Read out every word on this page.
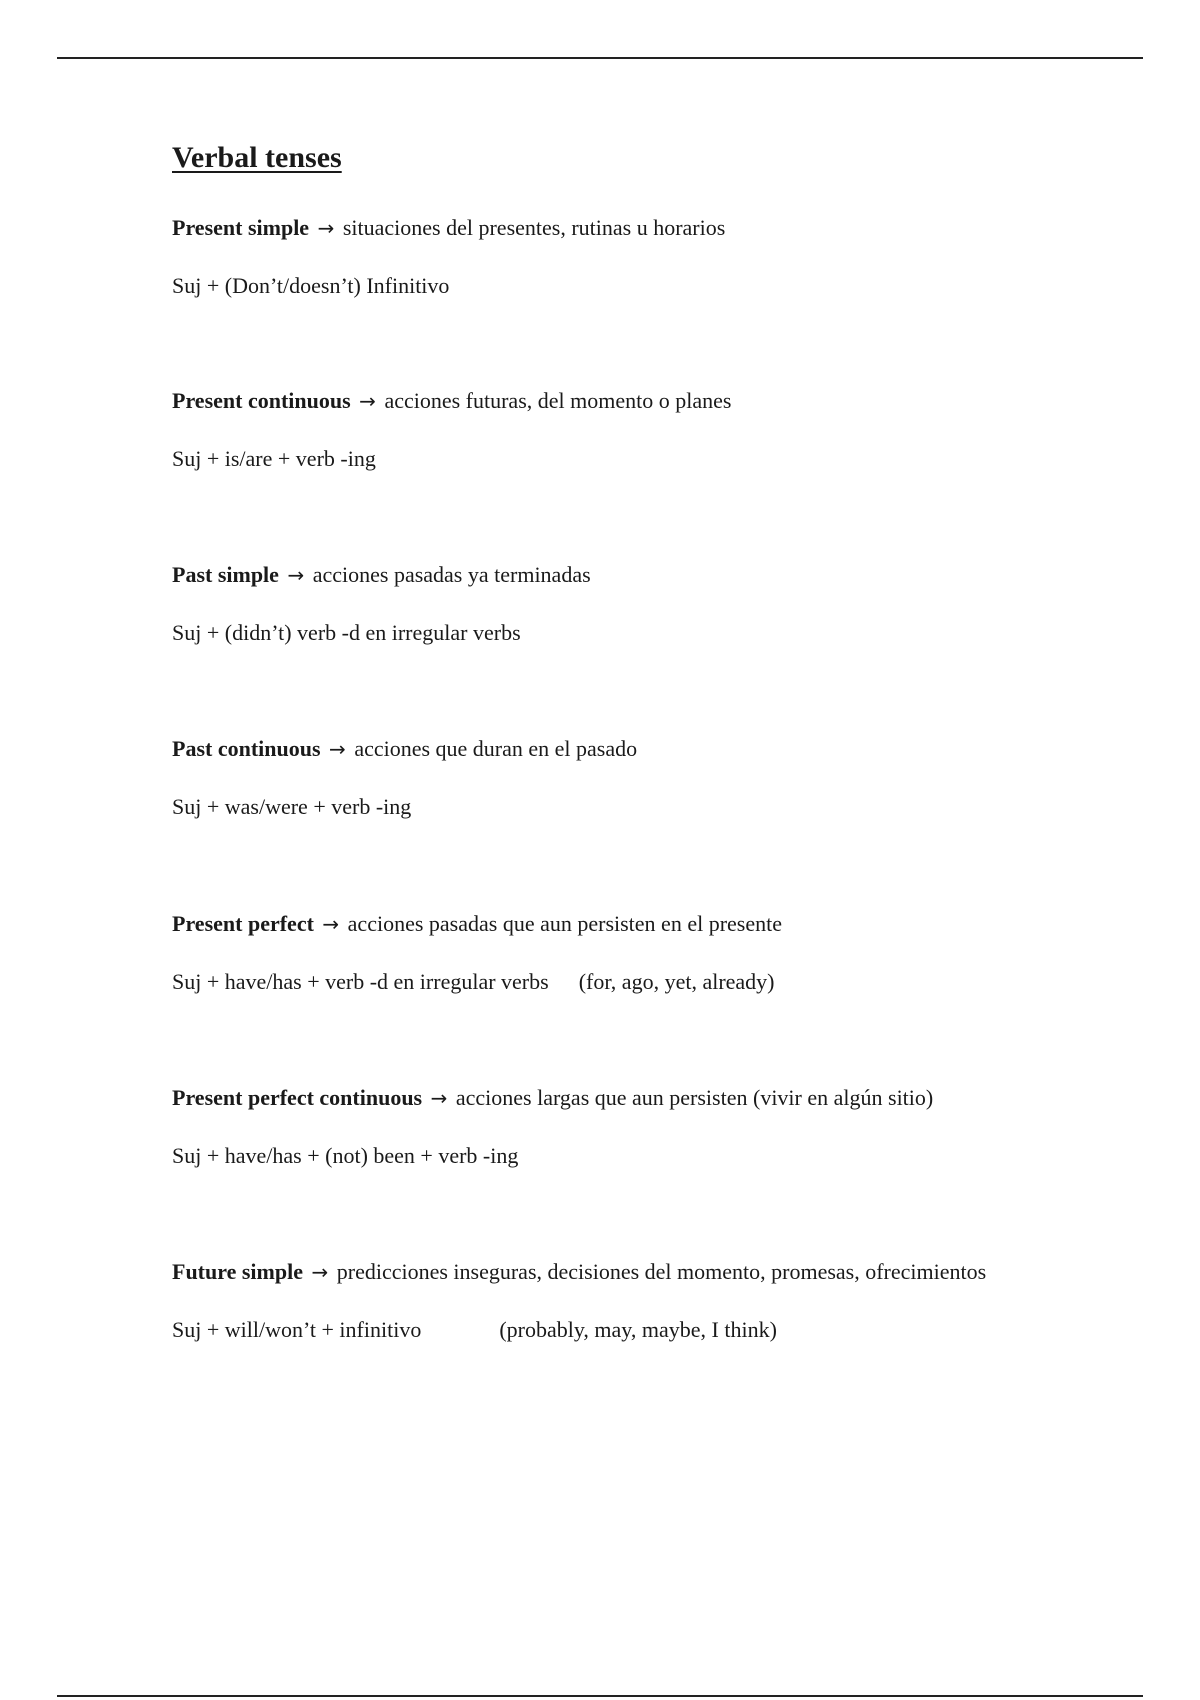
Verbal tenses

Present simple → situaciones del presentes, rutinas u horarios

Suj + (Don’t/doesn’t) Infinitivo

Present continuous → acciones futuras, del momento o planes

Suj + is/are + verb -ing

Past simple → acciones pasadas ya terminadas

Suj + (didn’t) verb -d en irregular verbs

Past continuous → acciones que duran en el pasado

Suj + was/were + verb -ing

Present perfect → acciones pasadas que aun persisten en el presente

Suj + have/has + verb -d en irregular verbs (for, ago, yet, already)

Present perfect continuous → acciones largas que aun persisten (vivir en algún sitio)

Suj + have/has + (not) been + verb -ing

Future simple → predicciones inseguras, decisiones del momento, promesas, ofrecimientos

Suj + will/won’t + infinitivo	(probably, may, maybe, I think)
